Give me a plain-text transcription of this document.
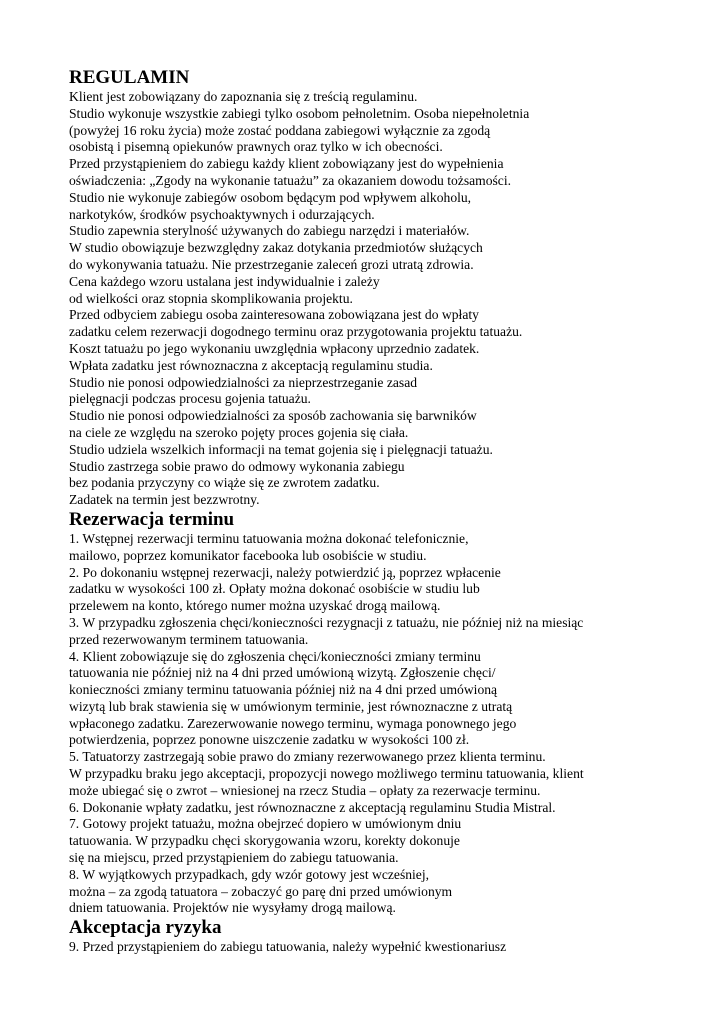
REGULAMIN
Klient jest zobowiązany do zapoznania się z treścią regulaminu.
Studio wykonuje wszystkie zabiegi tylko osobom pełnoletnim. Osoba niepełnoletnia
(powyżej 16 roku życia) może zostać poddana zabiegowi wyłącznie za zgodą
osobistą i pisemną opiekunów prawnych oraz tylko w ich obecności.
Przed przystąpieniem do zabiegu każdy klient zobowiązany jest do wypełnienia
oświadczenia: „Zgody na wykonanie tatuażu” za okazaniem dowodu tożsamości.
Studio nie wykonuje zabiegów osobom będącym pod wpływem alkoholu,
narkotyków, środków psychoaktywnych i odurzających.
Studio zapewnia sterylność używanych do zabiegu narzędzi i materiałów.
W studio obowiązuje bezwzględny zakaz dotykania przedmiotów służących
do wykonywania tatuażu. Nie przestrzeganie zaleceń grozi utratą zdrowia.
Cena każdego wzoru ustalana jest indywidualnie i zależy
od wielkości oraz stopnia skomplikowania projektu.
Przed odbyciem zabiegu osoba zainteresowana zobowiązana jest do wpłaty
zadatku celem rezerwacji dogodnego terminu oraz przygotowania projektu tatuażu.
Koszt tatuażu po jego wykonaniu uwzględnia wpłacony uprzednio zadatek.
Wpłata zadatku jest równoznaczna z akceptacją regulaminu studia.
Studio nie ponosi odpowiedzialności za nieprzestrzeganie zasad
pielęgnacji podczas procesu gojenia tatuażu.
Studio nie ponosi odpowiedzialności za sposób zachowania się barwników
na ciele ze względu na szeroko pojęty proces gojenia się ciała.
Studio udziela wszelkich informacji na temat gojenia się i pielęgnacji tatuażu.
Studio zastrzega sobie prawo do odmowy wykonania zabiegu
bez podania przyczyny co wiąże się ze zwrotem zadatku.
Zadatek na termin jest bezzwrotny.
Rezerwacja terminu
1. Wstępnej rezerwacji terminu tatuowania można dokonać telefonicznie,
mailowo, poprzez komunikator facebooka lub osobiście w studiu.
2. Po dokonaniu wstępnej rezerwacji, należy potwierdzić ją, poprzez wpłacenie
zadatku w wysokości 100 zł. Opłaty można dokonać osobiście w studiu lub
przelewem na konto, którego numer można uzyskać drogą mailową.
3. W przypadku zgłoszenia chęci/konieczności rezygnacji z tatuażu, nie później niż na miesiąc
przed rezerwowanym terminem tatuowania.
4. Klient zobowiązuje się do zgłoszenia chęci/konieczności zmiany terminu
tatuowania nie później niż na 4 dni przed umówioną wizytą. Zgłoszenie chęci/
konieczności zmiany terminu tatuowania później niż na 4 dni przed umówioną
wizytą lub brak stawienia się w umówionym terminie, jest równoznaczne z utratą
wpłaconego zadatku. Zarezerwowanie nowego terminu, wymaga ponownego jego
potwierdzenia, poprzez ponowne uiszczenie zadatku w wysokości 100 zł.
5. Tatuatorzy zastrzegają sobie prawo do zmiany rezerwowanego przez klienta terminu.
W przypadku braku jego akceptacji, propozycji nowego możliwego terminu tatuowania, klient
może ubiegać się o zwrot – wniesionej na rzecz Studia – opłaty za rezerwacje terminu.
6. Dokonanie wpłaty zadatku, jest równoznaczne z akceptacją regulaminu Studia Mistral.
7. Gotowy projekt tatuażu, można obejrzeć dopiero w umówionym dniu
tatuowania. W przypadku chęci skorygowania wzoru, korekty dokonuje
się na miejscu, przed przystąpieniem do zabiegu tatuowania.
8. W wyjątkowych przypadkach, gdy wzór gotowy jest wcześniej,
można – za zgodą tatuatora – zobaczyć go parę dni przed umówionym
dniem tatuowania. Projektów nie wysyłamy drogą mailową.
Akceptacja ryzyka
9. Przed przystąpieniem do zabiegu tatuowania, należy wypełnić kwestionariusz
